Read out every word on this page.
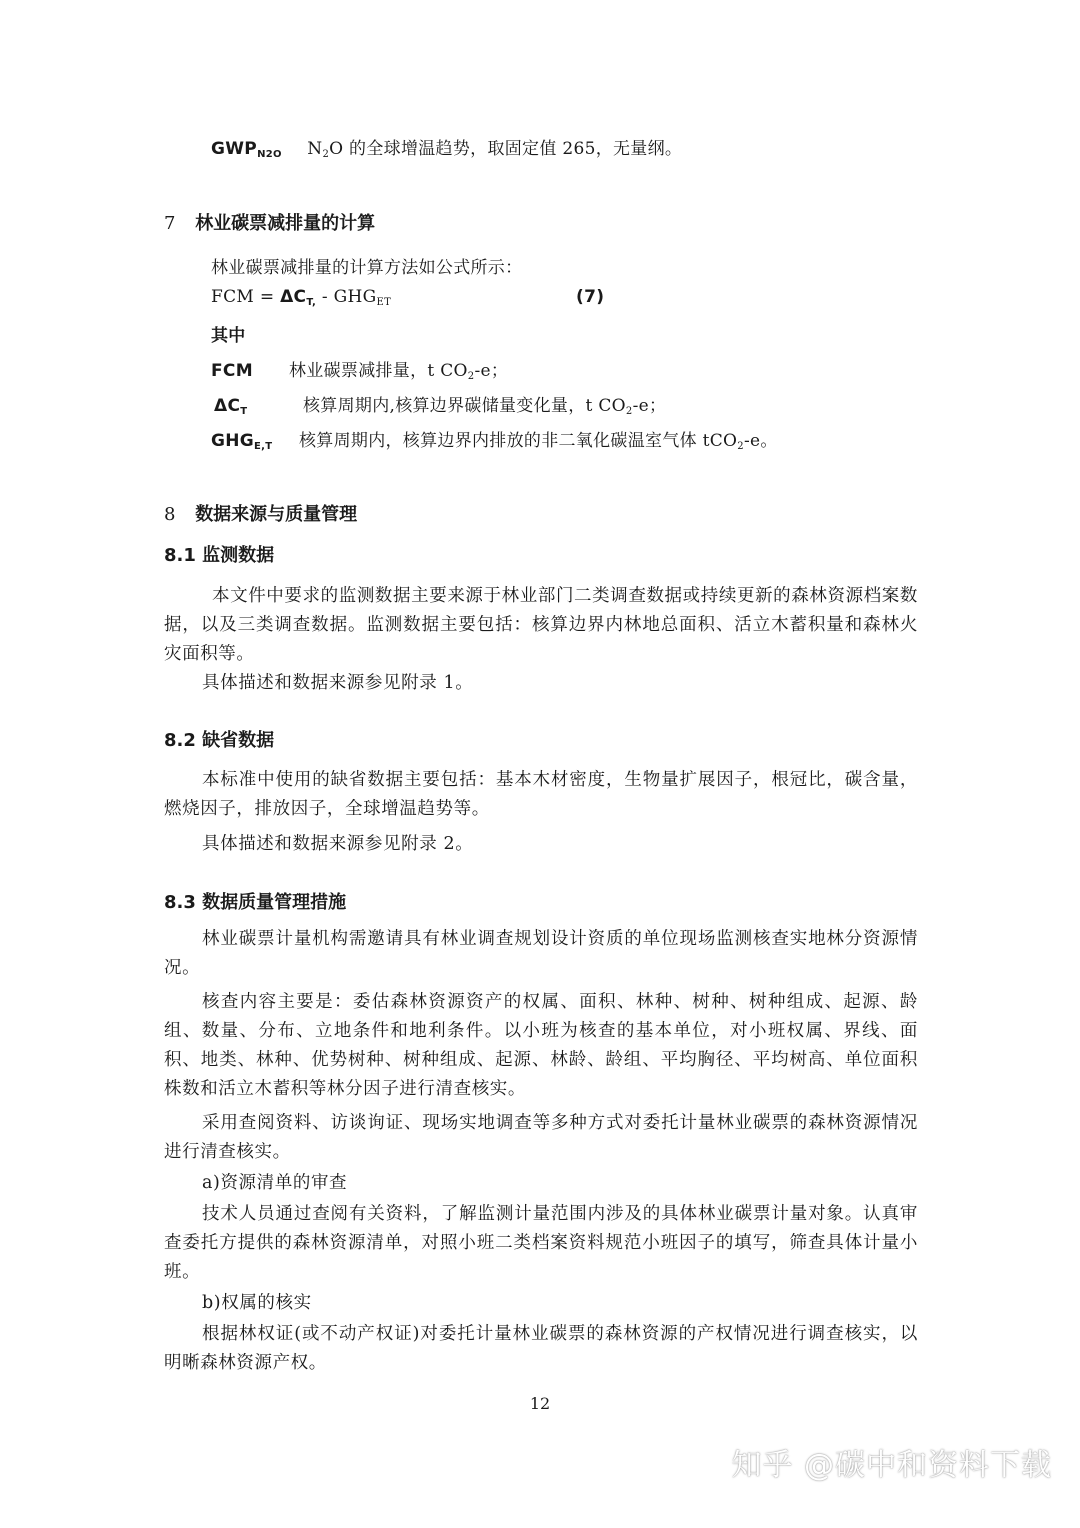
$GWP_{N2O}$ $N_2O$ 的全球增温趋势，取固定值 265，无量纲。
7 林业碳票减排量的计算
林业碳票减排量的计算方法如公式所示：
FCM = $\Delta C_{T,} - GHG_{ET}$	(7)
其中
FCM 林业碳票减排量，t $CO_2-e$；
$\Delta C_T$	核算周期内,核算边界碳储量变化量，t $CO_2-e$；
$GHG_{E,T}$ 核算周期内，核算边界内排放的非二氧化碳温室气体 tCO$_2$-e。
8 数据来源与质量管理
8.1 监测数据

本文件中要求的监测数据主要来源于林业部门二类调查数据或持续更新的森林资源档案数据，以及三类调查数据。监测数据主要包括：核算边界内林地总面积、活立木蓄积量和森林火灾面积等。

具体描述和数据来源参见附录 1。

8.2 缺省数据

本标准中使用的缺省数据主要包括：基本木材密度，生物量扩展因子，根冠比，碳含量，燃烧因子，排放因子，全球增温趋势等。

具体描述和数据来源参见附录 2。

8.3 数据质量管理措施

林业碳票计量机构需邀请具有林业调查规划设计资质的单位现场监测核查实地林分资源情况。

核查内容主要是：委估森林资源资产的权属、面积、林种、树种、树种组成、起源、龄组、数量、分布、立地条件和地利条件。以小班为核查的基本单位，对小班权属、界线、面积、地类、林种、优势树种、树种组成、起源、林龄、龄组、平均胸径、平均树高、单位面积株数和活立木蓄积等林分因子进行清查核实。

采用查阅资料、访谈询证、现场实地调查等多种方式对委托计量林业碳票的森林资源情况进行清查核实。

a)资源清单的审查

技术人员通过查阅有关资料，了解监测计量范围内涉及的具体林业碳票计量对象。认真审查委托方提供的森林资源清单，对照小班二类档案资料规范小班因子的填写，筛查具体计量小班。

b)权属的核实

根据林权证(或不动产权证)对委托计量林业碳票的森林资源的产权情况进行调查核实，以明晰森林资源产权。

12
知乎 @碳中和资料下载
